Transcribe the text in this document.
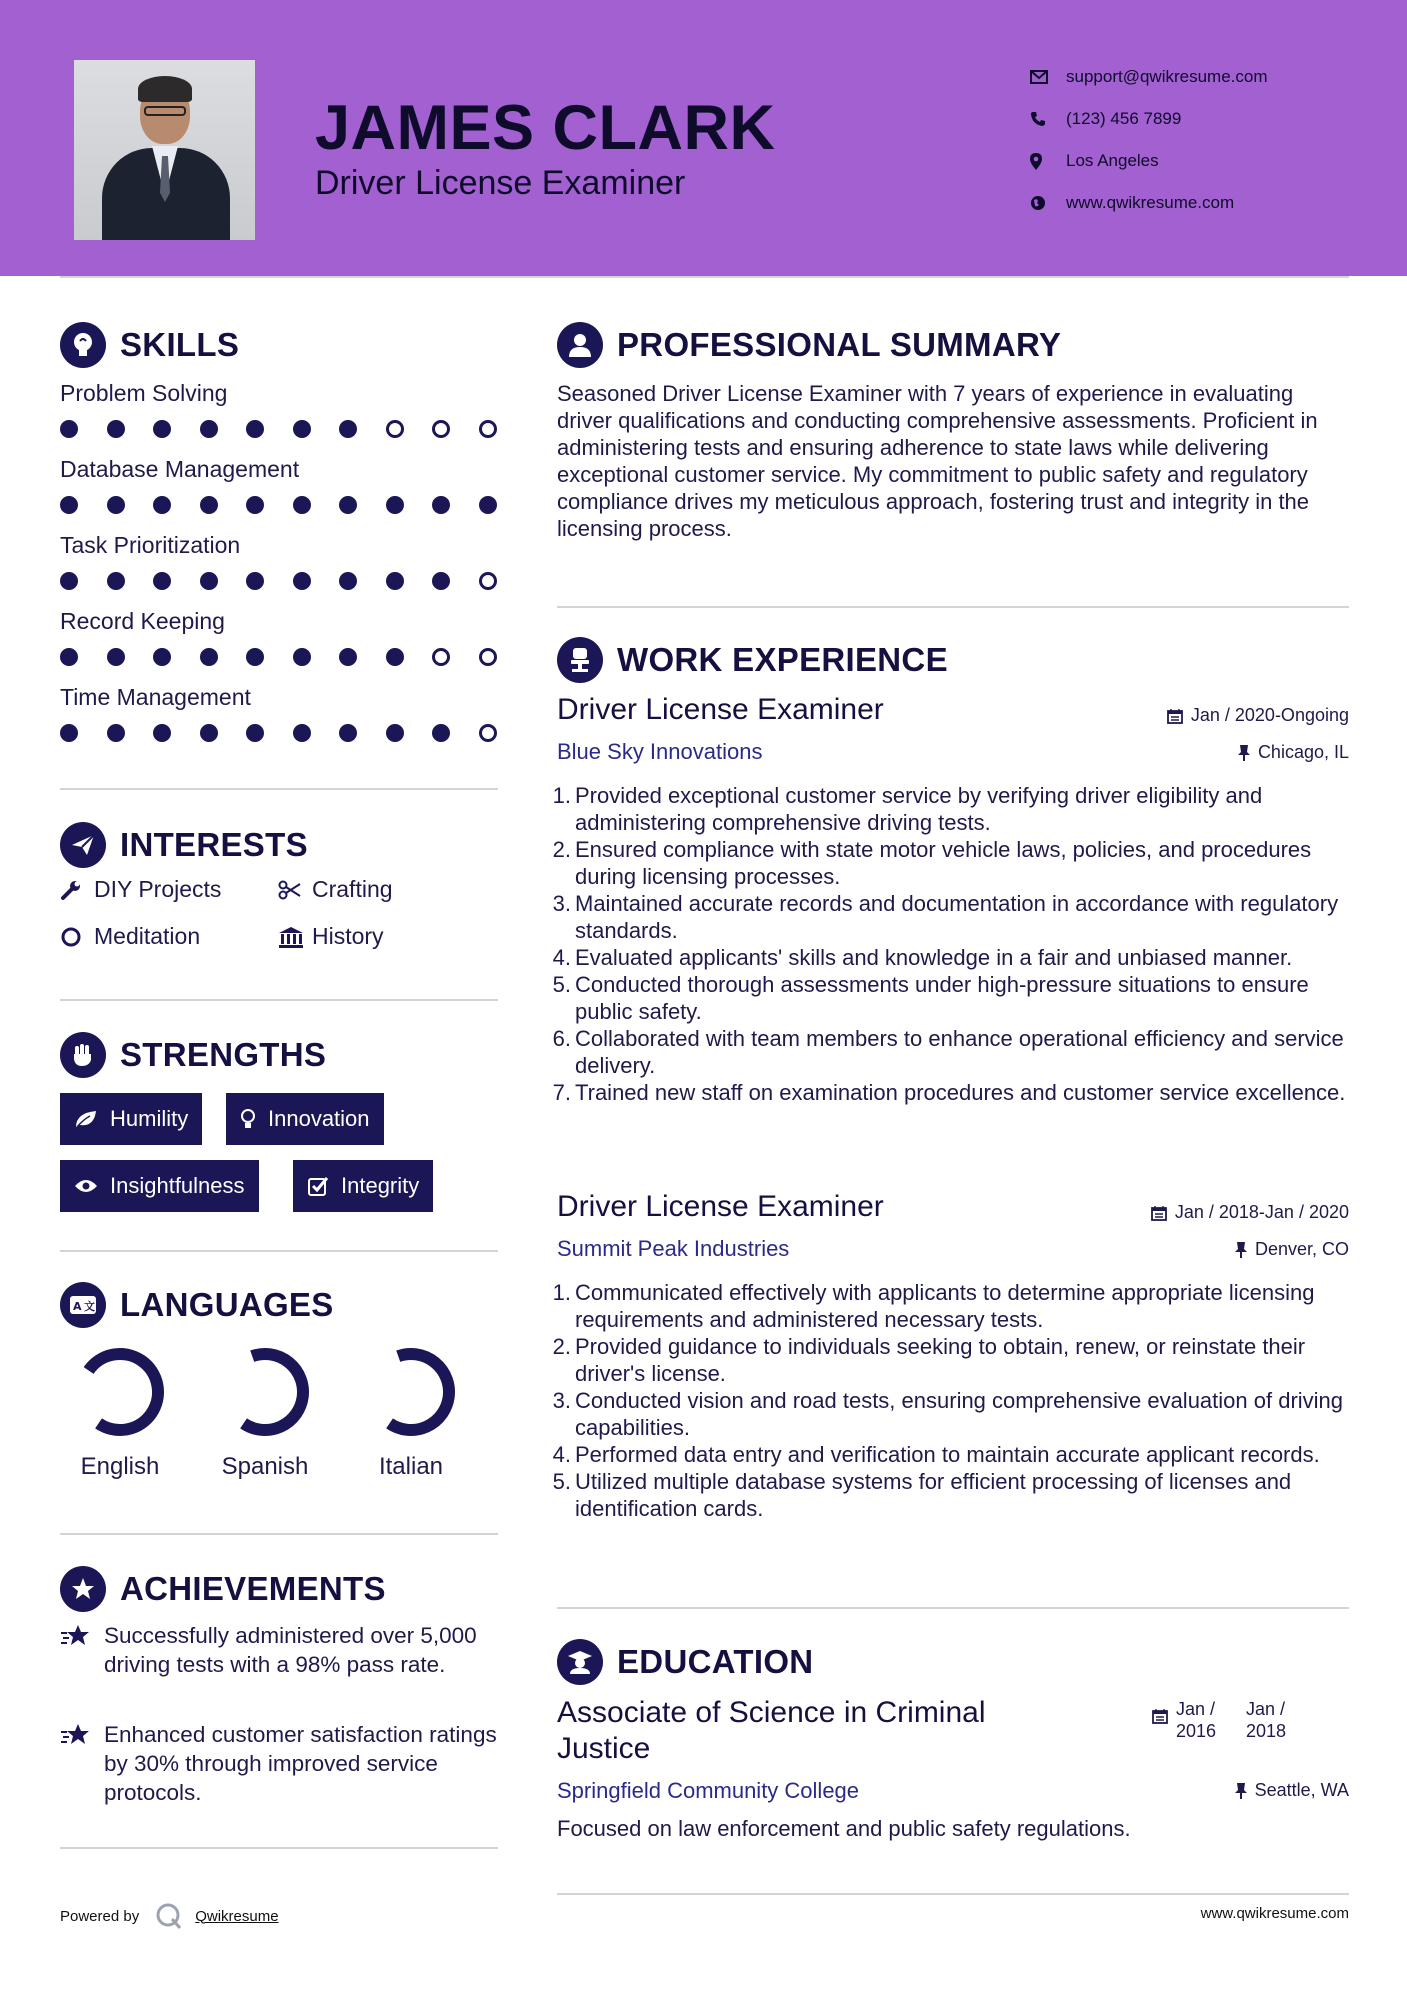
JAMES CLARK
Driver License Examiner
support@qwikresume.com
(123) 456 7899
Los Angeles
www.qwikresume.com
SKILLS
Problem Solving
Database Management
Task Prioritization
Record Keeping
Time Management
INTERESTS
DIY Projects	Crafting
Meditation	History
STRENGTHS
Humility	Innovation
Insightfulness	Integrity
A 文 LANGUAGES
English	Spanish	Italian
ACHIEVEMENTS
Successfully administered over 5,000 driving tests with a 98% pass rate.
Enhanced customer satisfaction ratings by 30% through improved service protocols.
PROFESSIONAL SUMMARY
Seasoned Driver License Examiner with 7 years of experience in evaluating driver qualifications and conducting comprehensive assessments. Proficient in administering tests and ensuring adherence to state laws while delivering exceptional customer service. My commitment to public safety and regulatory compliance drives my meticulous approach, fostering trust and integrity in the licensing process.
WORK EXPERIENCE
Driver License Examiner	Jan / 2020-Ongoing
Blue Sky Innovations	Chicago, IL
1. Provided exceptional customer service by verifying driver eligibility and administering comprehensive driving tests.
2. Ensured compliance with state motor vehicle laws, policies, and procedures during licensing processes.
3. Maintained accurate records and documentation in accordance with regulatory standards.
4. Evaluated applicants' skills and knowledge in a fair and unbiased manner.
5. Conducted thorough assessments under high-pressure situations to ensure public safety.
6. Collaborated with team members to enhance operational efficiency and service delivery.
7. Trained new staff on examination procedures and customer service excellence.
Driver License Examiner	Jan / 2018-Jan / 2020
Summit Peak Industries	Denver, CO
1. Communicated effectively with applicants to determine appropriate licensing requirements and administered necessary tests.
2. Provided guidance to individuals seeking to obtain, renew, or reinstate their driver's license.
3. Conducted vision and road tests, ensuring comprehensive evaluation of driving capabilities.
4. Performed data entry and verification to maintain accurate applicant records.
5. Utilized multiple database systems for efficient processing of licenses and identification cards.
EDUCATION
Associate of Science in Criminal Justice
Jan / 2016
Jan / 2018
Springfield Community College	Seattle, WA
Focused on law enforcement and public safety regulations.
Powered by	Qwikresume	www.qwikresume.com
